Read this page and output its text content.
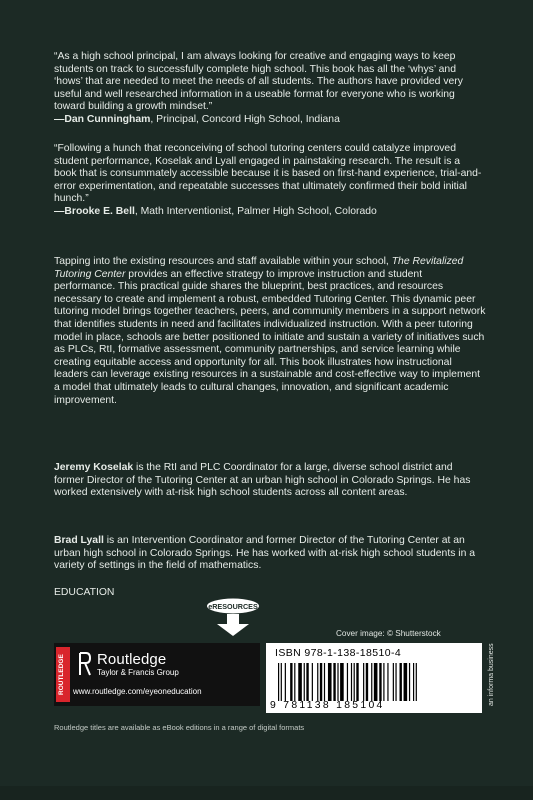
“As a high school principal, I am always looking for creative and engaging ways to keep students on track to successfully complete high school. This book has all the ‘whys’ and ‘hows’ that are needed to meet the needs of all students. The authors have provided very useful and well researched information in a useable format for everyone who is working toward building a growth mindset.”
—Dan Cunningham, Principal, Concord High School, Indiana
“Following a hunch that reconceiving of school tutoring centers could catalyze improved student performance, Koselak and Lyall engaged in painstaking research. The result is a book that is consummately accessible because it is based on first-hand experience, trial-and-error experimentation, and repeatable successes that ultimately confirmed their bold initial hunch.”
—Brooke E. Bell, Math Interventionist, Palmer High School, Colorado
Tapping into the existing resources and staff available within your school, The Revitalized Tutoring Center provides an effective strategy to improve instruction and student performance. This practical guide shares the blueprint, best practices, and resources necessary to create and implement a robust, embedded Tutoring Center. This dynamic peer tutoring model brings together teachers, peers, and community members in a support network that identifies students in need and facilitates individualized instruction. With a peer tutoring model in place, schools are better positioned to initiate and sustain a variety of initiatives such as PLCs, RtI, formative assessment, community partnerships, and service learning while creating equitable access and opportunity for all. This book illustrates how instructional leaders can leverage existing resources in a sustainable and cost-effective way to implement a model that ultimately leads to cultural changes, innovation, and significant academic improvement.
Jeremy Koselak is the RtI and PLC Coordinator for a large, diverse school district and former Director of the Tutoring Center at an urban high school in Colorado Springs. He has worked extensively with at-risk high school students across all content areas.
Brad Lyall is an Intervention Coordinator and former Director of the Tutoring Center at an urban high school in Colorado Springs. He has worked with at-risk high school students in a variety of settings in the field of mathematics.
EDUCATION
eRESOURCES
Cover image: © Shutterstock
ROUTLEDGE Routledge
Taylor & Francis Group
www.routledge.com/eyeoneducation
ISBN 978-1-138-18510-4
9 781138 185104	an informa business
Routledge titles are available as eBook editions in a range of digital formats
